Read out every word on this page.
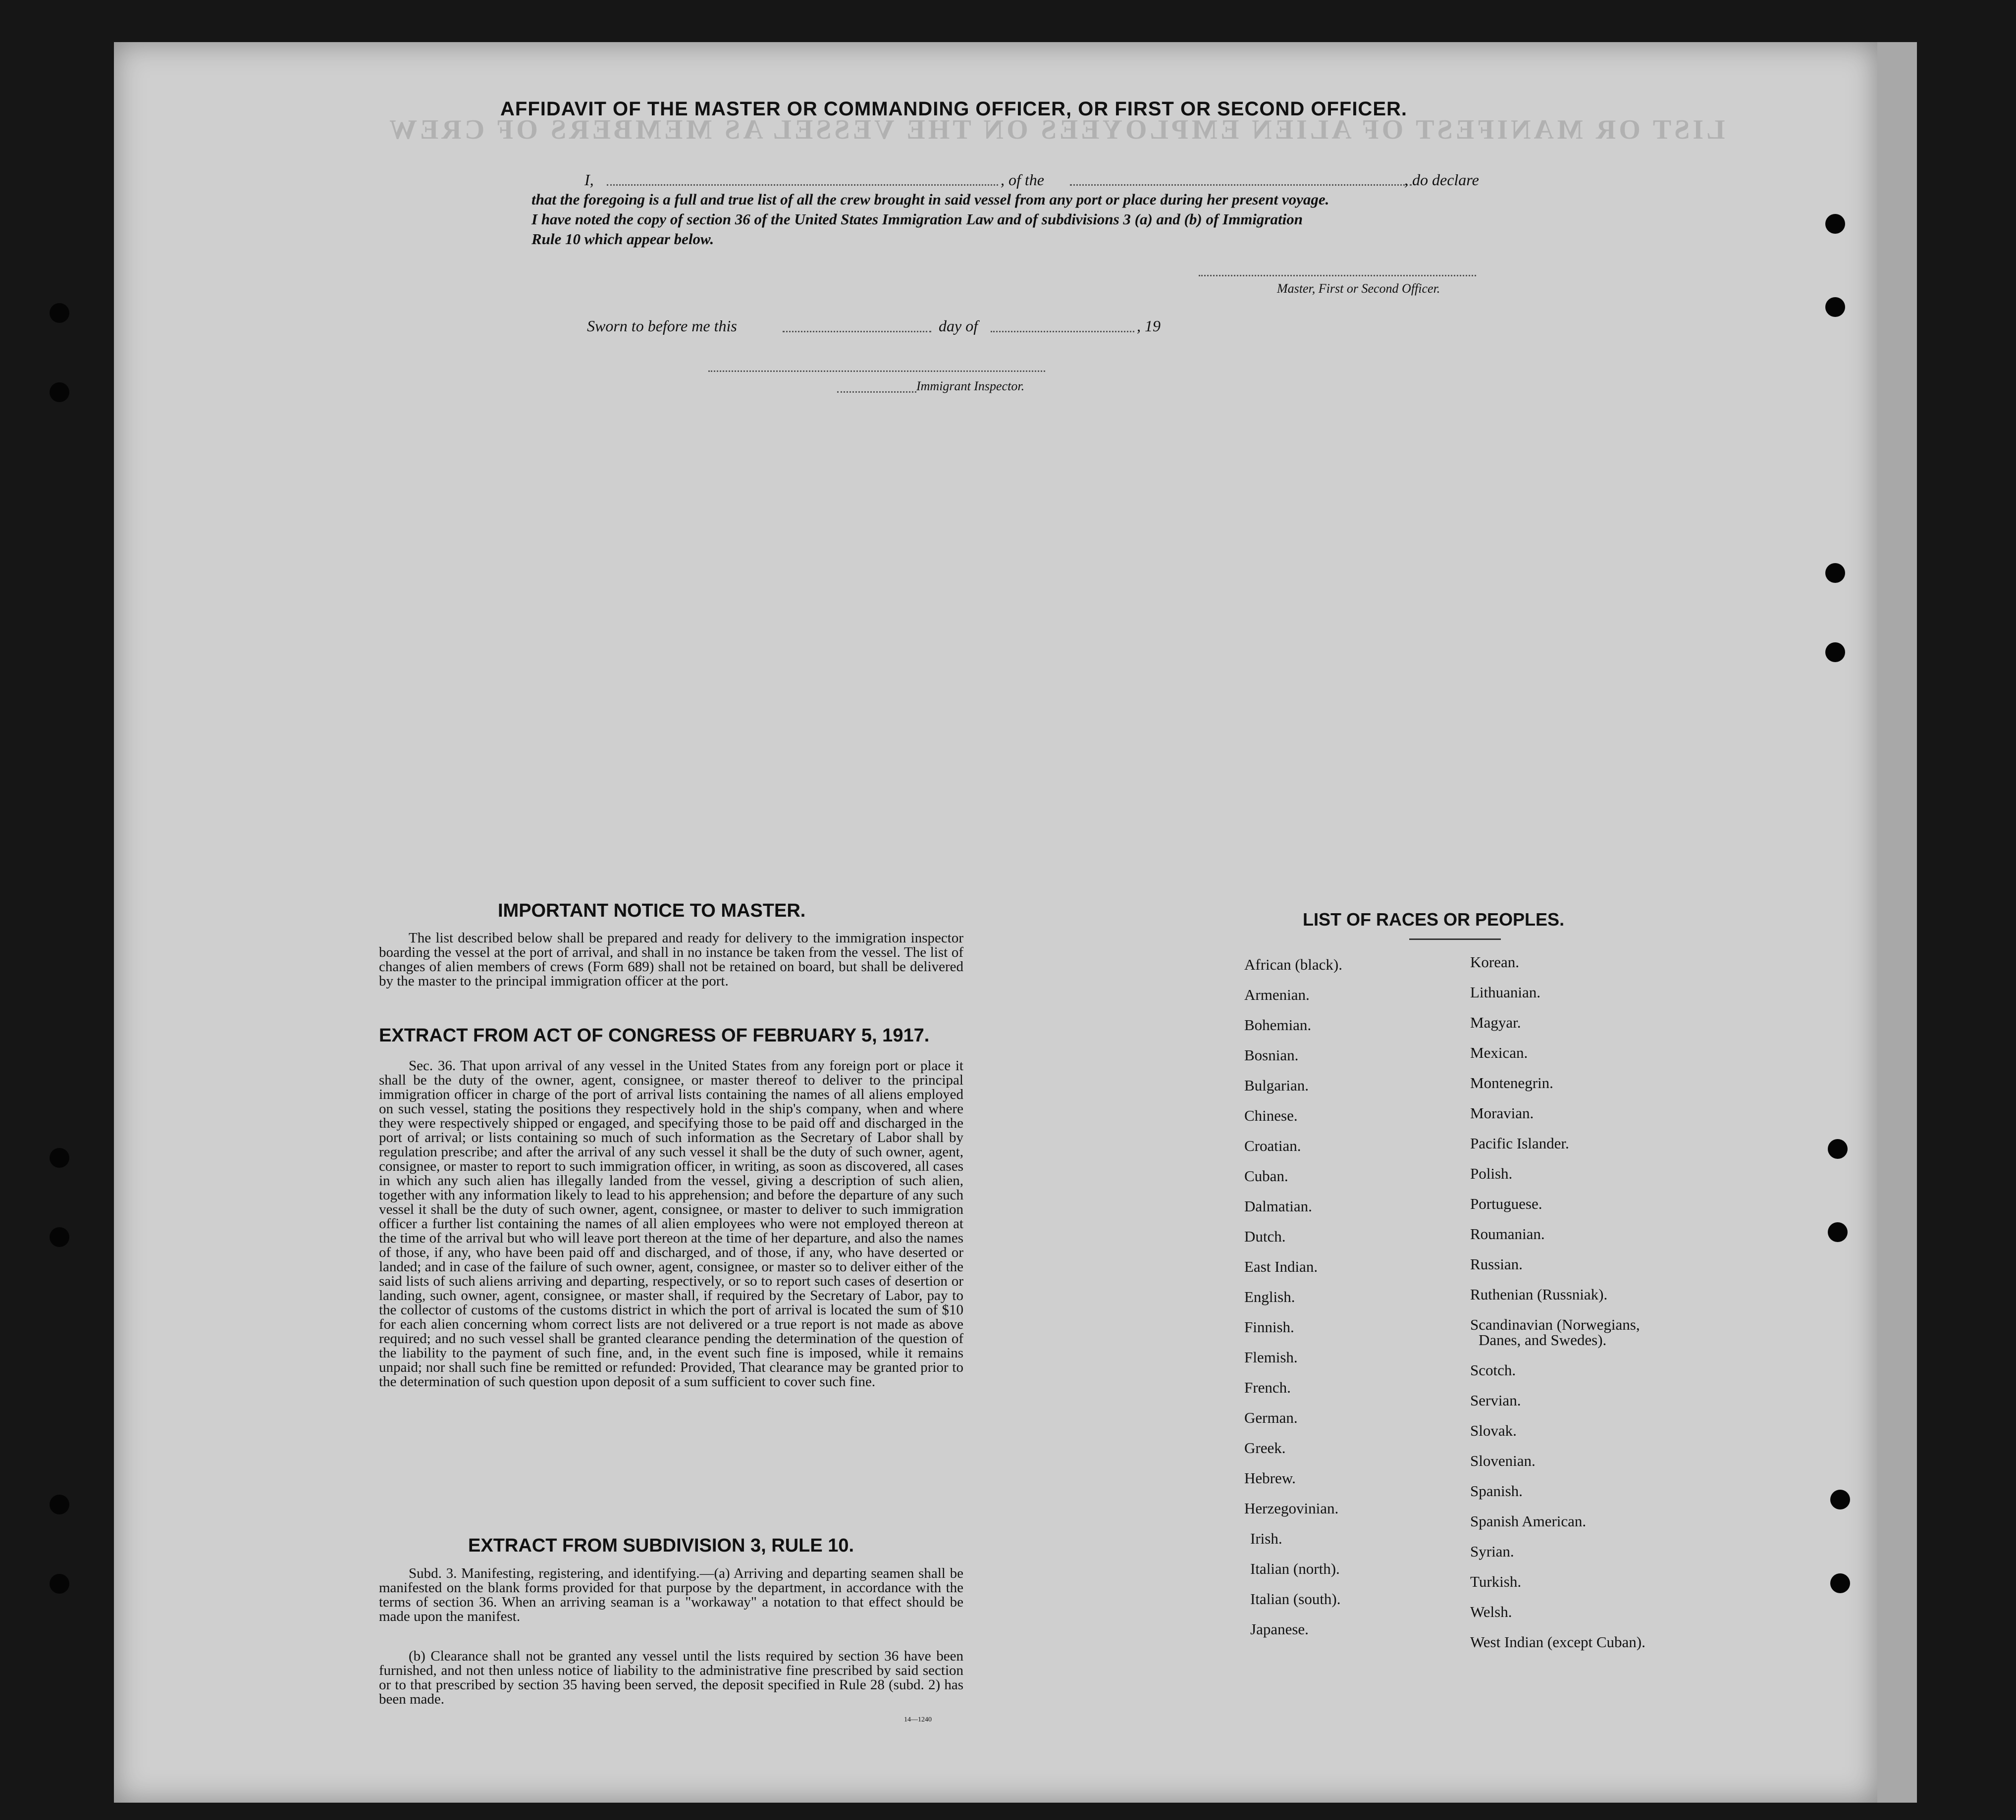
AFFIDAVIT OF THE MASTER OR COMMANDING OFFICER, OR FIRST OR SECOND OFFICER.
I,	, of the	, do declare
that the foregoing is a full and true list of all the crew brought in said vessel from any port or place during her present voyage.
I have noted the copy of section 36 of the United States Immigration Law and of subdivisions 3 (a) and (b) of Immigration
Rule 10 which appear below.
Master, First or Second Officer.
Sworn to before me this	day of	, 19
Immigrant Inspector.
IMPORTANT NOTICE TO MASTER.
The list described below shall be prepared and ready for delivery to the immigration inspector boarding the vessel at the port of arrival, and shall in no instance be taken from the vessel. The list of changes of alien members of crews (Form 689) shall not be retained on board, but shall be delivered by the master to the principal immigration officer at the port.
EXTRACT FROM ACT OF CONGRESS OF FEBRUARY 5, 1917.
Sec. 36. That upon arrival of any vessel in the United States from any foreign port or place it shall be the duty of the owner, agent, consignee, or master thereof to deliver to the principal immigration officer in charge of the port of arrival lists containing the names of all aliens employed on such vessel, stating the positions they respectively hold in the ship's company, when and where they were respectively shipped or engaged, and specifying those to be paid off and discharged in the port of arrival; or lists containing so much of such information as the Secretary of Labor shall by regulation prescribe; and after the arrival of any such vessel it shall be the duty of such owner, agent, consignee, or master to report to such immigration officer, in writing, as soon as discovered, all cases in which any such alien has illegally landed from the vessel, giving a description of such alien, together with any information likely to lead to his apprehension; and before the departure of any such vessel it shall be the duty of such owner, agent, consignee, or master to deliver to such immigration officer a further list containing the names of all alien employees who were not employed thereon at the time of the arrival but who will leave port thereon at the time of her departure, and also the names of those, if any, who have been paid off and discharged, and of those, if any, who have deserted or landed; and in case of the failure of such owner, agent, consignee, or master so to deliver either of the said lists of such aliens arriving and departing, respectively, or so to report such cases of desertion or landing, such owner, agent, consignee, or master shall, if required by the Secretary of Labor, pay to the collector of customs of the customs district in which the port of arrival is located the sum of $10 for each alien concerning whom correct lists are not delivered or a true report is not made as above required; and no such vessel shall be granted clearance pending the determination of the question of the liability to the payment of such fine, and, in the event such fine is imposed, while it remains unpaid; nor shall such fine be remitted or refunded: Provided, That clearance may be granted prior to the determination of such question upon deposit of a sum sufficient to cover such fine.
EXTRACT FROM SUBDIVISION 3, RULE 10.
Subd. 3. Manifesting, registering, and identifying.—(a) Arriving and departing seamen shall be manifested on the blank forms provided for that purpose by the department, in accordance with the terms of section 36. When an arriving seaman is a "workaway" a notation to that effect should be made upon the manifest.
(b) Clearance shall not be granted any vessel until the lists required by section 36 have been furnished, and not then unless notice of liability to the administrative fine prescribed by said section or to that prescribed by section 35 having been served, the deposit specified in Rule 28 (subd. 2) has been made.
14—1240
LIST OF RACES OR PEOPLES.
African (black).
Armenian.
Bohemian.
Bosnian.
Bulgarian.
Chinese.
Croatian.
Cuban.
Dalmatian.
Dutch.
East Indian.
English.
Finnish.
Flemish.
French.
German.
Greek.
Hebrew.
Herzegovinian.
Irish.
Italian (north).
Italian (south).
Japanese.
Korean.
Lithuanian.
Magyar.
Mexican.
Montenegrin.
Moravian.
Pacific Islander.
Polish.
Portuguese.
Roumanian.
Russian.
Ruthenian (Russniak).
Scandinavian (Norwegians,
Danes, and Swedes).
Scotch.
Servian.
Slovak.
Slovenian.
Spanish.
Spanish American.
Syrian.
Turkish.
Welsh.
West Indian (except Cuban).
LIST OR MANIFEST OF ALIEN EMPLOYEES ON THE VESSEL AS MEMBERS OF CREW
